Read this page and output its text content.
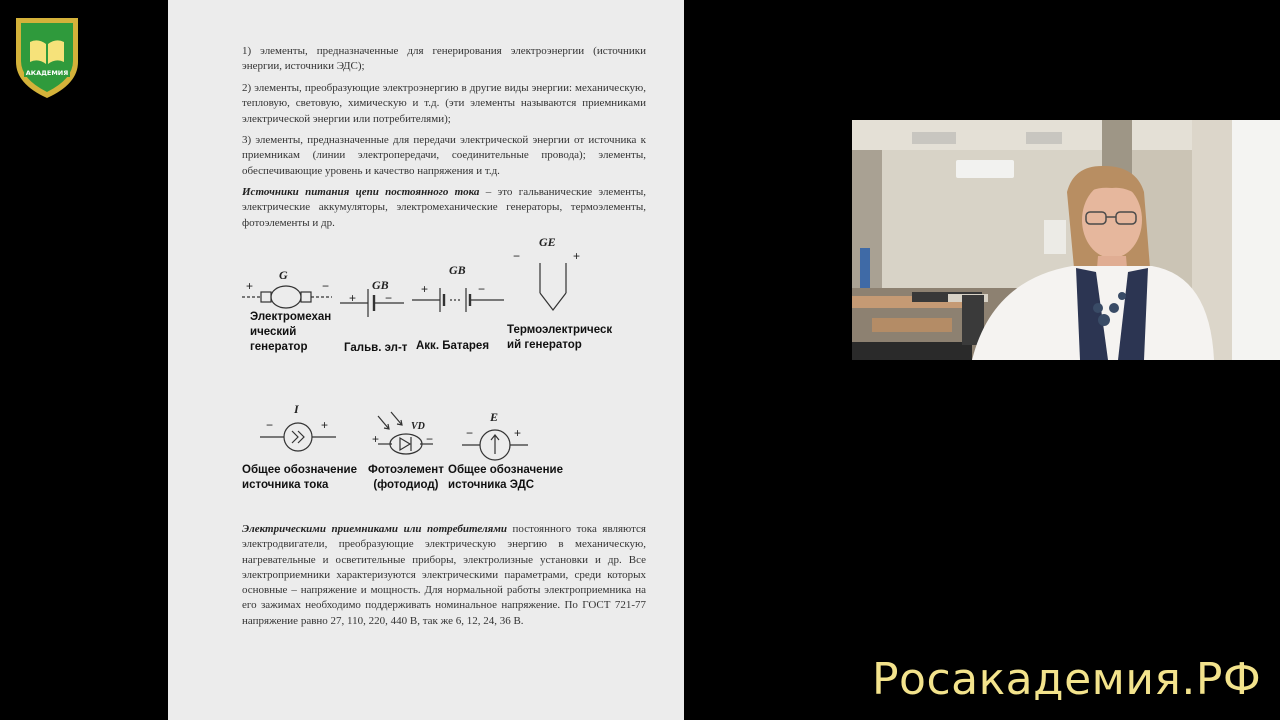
АКАДЕМИЯ

1) элементы, предназначенные для генерирования электроэнергии (источники энергии, источники ЭДС);

2) элементы, преобразующие электроэнергию в другие виды энергии: механическую, тепловую, световую, химическую и т.д. (эти элементы называются приемниками электрической энергии или потребителями);

3) элементы, предназначенные для передачи электрической энергии от источника к приемникам (линии электропередачи, соединительные провода); элементы, обеспечивающие уровень и качество напряжения и т.д.

Источники питания цепи постоянного тока – это гальванические элементы, электрические аккумуляторы, электромеханические генераторы, термоэлементы, фотоэлементы и др.

G
GB
GB
GE
I
VD
E
+	−
+ −
+	−
−	+
−	+
+	−	−	+
Электромехан
ический
генератор	Гальв. эл-т Акк. Батарея
Термоэлектрическ
ий генератор
Общее обозначение
источника тока
Фотоэлемент
(фотодиод)
Общее обозначение
источника ЭДС

Электрическими приемниками или потребителями постоянного тока являются электродвигатели, преобразующие электрическую энергию в механическую, нагревательные и осветительные приборы, электролизные установки и др. Все электроприемники характеризуются электрическими параметрами, среди которых основные – напряжение и мощность. Для нормальной работы электроприемника на его зажимах необходимо поддерживать номинальное напряжение. По ГОСТ 721-77 напряжение равно 27, 110, 220, 440 В, так же 6, 12, 24, 36 В.

Росакадемия.РФ
